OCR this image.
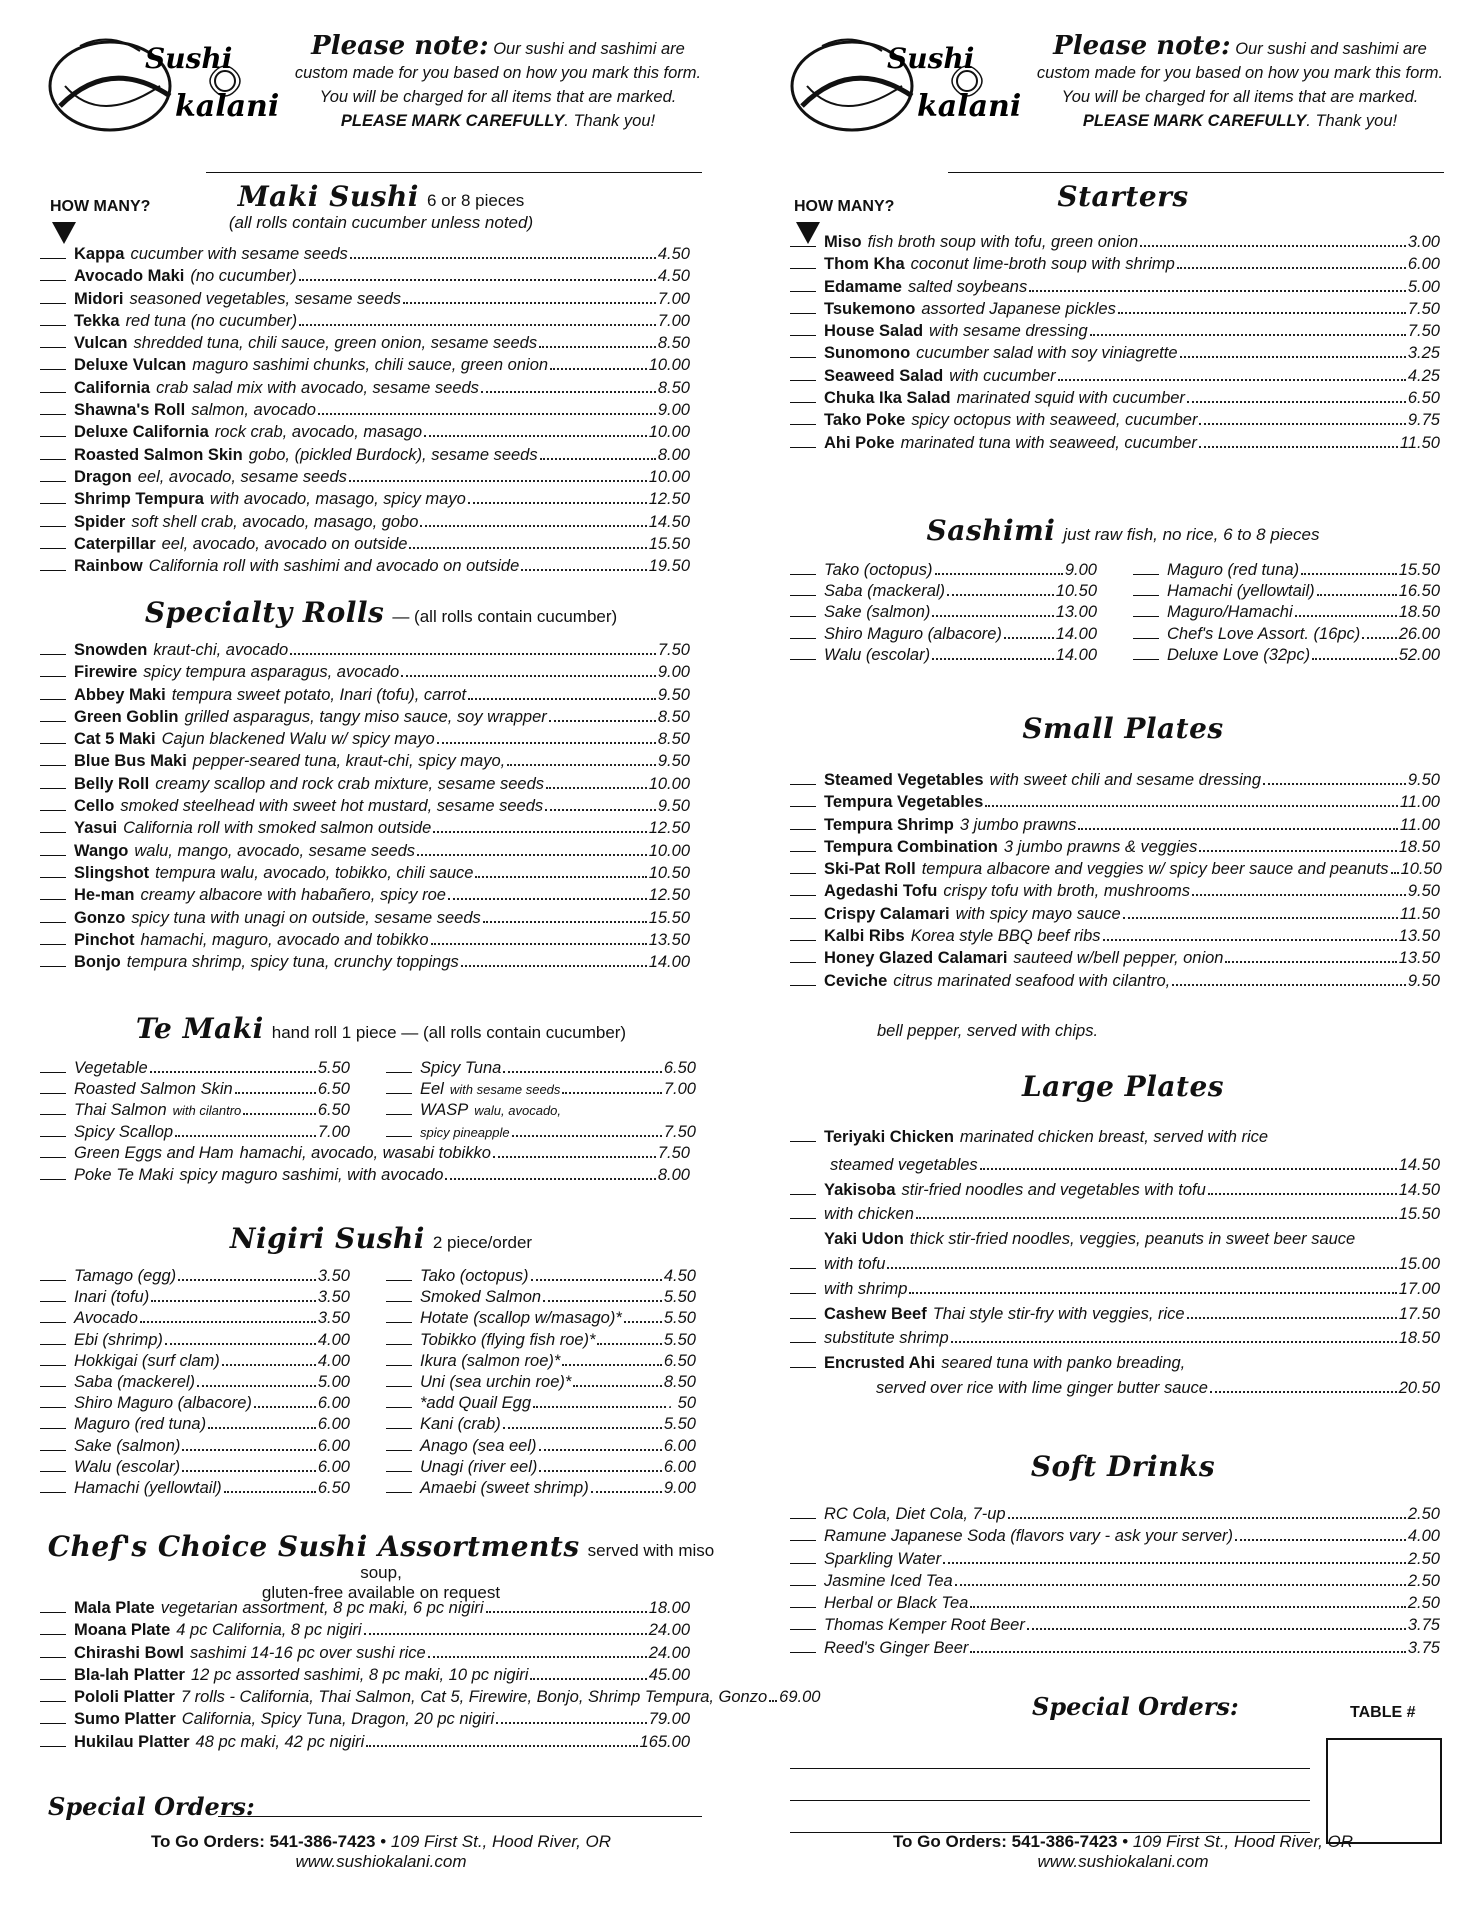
Sushi
kalani
Please note: Our sushi and sashimi are custom made for you based on how you mark this form. You will be charged for all items that are marked.
PLEASE MARK CAREFULLY. Thank you!
HOW MANY?	Maki Sushi 6 or 8 pieces
(all rolls contain cucumber unless noted)
Kappa cucumber with sesame seeds	4.50
Avocado Maki (no cucumber)	4.50
Midori seasoned vegetables, sesame seeds	7.00
Tekka red tuna (no cucumber)	7.00
Vulcan shredded tuna, chili sauce, green onion, sesame seeds	8.50
Deluxe Vulcan maguro sashimi chunks, chili sauce, green onion	10.00
California crab salad mix with avocado, sesame seeds	8.50
Shawna's Roll salmon, avocado	9.00
Deluxe California rock crab, avocado, masago	10.00
Roasted Salmon Skin gobo, (pickled Burdock), sesame seeds	8.00
Dragon eel, avocado, sesame seeds	10.00
Shrimp Tempura with avocado, masago, spicy mayo	12.50
Spider soft shell crab, avocado, masago, gobo	14.50
Caterpillar eel, avocado, avocado on outside	15.50
Rainbow California roll with sashimi and avocado on outside	19.50
Specialty Rolls — (all rolls contain cucumber)
Snowden kraut-chi, avocado	7.50
Firewire spicy tempura asparagus, avocado	9.00
Abbey Maki tempura sweet potato, Inari (tofu), carrot	9.50
Green Goblin grilled asparagus, tangy miso sauce, soy wrapper	8.50
Cat 5 Maki Cajun blackened Walu w/ spicy mayo	8.50
Blue Bus Maki pepper-seared tuna, kraut-chi, spicy mayo,	9.50
Belly Roll creamy scallop and rock crab mixture, sesame seeds	10.00
Cello smoked steelhead with sweet hot mustard, sesame seeds	9.50
Yasui California roll with smoked salmon outside	12.50
Wango walu, mango, avocado, sesame seeds	10.00
Slingshot tempura walu, avocado, tobikko, chili sauce	10.50
He-man creamy albacore with habañero, spicy roe	12.50
Gonzo spicy tuna with unagi on outside, sesame seeds	15.50
Pinchot hamachi, maguro, avocado and tobikko	13.50
Bonjo tempura shrimp, spicy tuna, crunchy toppings	14.00
Te Maki hand roll 1 piece — (all rolls contain cucumber)
Vegetable	5.50
Roasted Salmon Skin	6.50
Thai Salmon with cilantro	6.50
Spicy Scallop	7.00
Spicy Tuna	6.50
Eel with sesame seeds	7.00
WASP walu, avocado,
spicy pineapple	7.50
Green Eggs and Ham hamachi, avocado, wasabi tobikko	7.50
Poke Te Maki spicy maguro sashimi, with avocado	8.00
Nigiri Sushi 2 piece/order
Tamago (egg)	3.50
Inari (tofu)	3.50
Avocado	3.50
Ebi (shrimp)	4.00
Hokkigai (surf clam)	4.00
Saba (mackerel)	5.00
Shiro Maguro (albacore)	6.00
Maguro (red tuna)	6.00
Sake (salmon)	6.00
Walu (escolar)	6.00
Hamachi (yellowtail)	6.50
Tako (octopus)	4.50
Smoked Salmon	5.50
Hotate (scallop w/masago)*	5.50
Tobikko (flying fish roe)*	5.50
Ikura (salmon roe)*	6.50
Uni (sea urchin roe)*	8.50
*add Quail Egg	. 50
Kani (crab)	5.50
Anago (sea eel)	6.00
Unagi (river eel)	6.00
Amaebi (sweet shrimp)	9.00
Chef's Choice Sushi Assortments served with miso soup,
gluten-free available on request
Mala Plate vegetarian assortment, 8 pc maki, 6 pc nigiri	18.00
Moana Plate 4 pc California, 8 pc nigiri	24.00
Chirashi Bowl sashimi 14-16 pc over sushi rice	24.00
Bla-lah Platter 12 pc assorted sashimi, 8 pc maki, 10 pc nigiri	45.00
Pololi Platter 7 rolls - California, Thai Salmon, Cat 5, Firewire, Bonjo, Shrimp Tempura, Gonzo 69.00
Sumo Platter California, Spicy Tuna, Dragon, 20 pc nigiri	79.00
Hukilau Platter 48 pc maki, 42 pc nigiri	165.00
Special Orders:
To Go Orders: 541-386-7423 • 109 First St., Hood River, OR
www.sushiokalani.com
Sushi
kalani
Please note: Our sushi and sashimi are custom made for you based on how you mark this form. You will be charged for all items that are marked.
PLEASE MARK CAREFULLY. Thank you!
HOW MANY?	Starters
Miso fish broth soup with tofu, green onion	3.00
Thom Kha coconut lime-broth soup with shrimp	6.00
Edamame salted soybeans	5.00
Tsukemono assorted Japanese pickles	7.50
House Salad with sesame dressing	7.50
Sunomono cucumber salad with soy viniagrette	3.25
Seaweed Salad with cucumber	4.25
Chuka Ika Salad marinated squid with cucumber	6.50
Tako Poke spicy octopus with seaweed, cucumber	9.75
Ahi Poke marinated tuna with seaweed, cucumber	11.50
Sashimi just raw fish, no rice, 6 to 8 pieces
Tako (octopus)	9.00
Saba (mackeral)	10.50
Sake (salmon)	13.00
Shiro Maguro (albacore)	14.00
Walu (escolar)	14.00
Maguro (red tuna)	15.50
Hamachi (yellowtail)	16.50
Maguro/Hamachi	18.50
Chef's Love Assort. (16pc) 26.00
Deluxe Love (32pc)	52.00
Small Plates
Steamed Vegetables with sweet chili and sesame dressing	9.50
Tempura Vegetables	11.00
Tempura Shrimp 3 jumbo prawns	11.00
Tempura Combination 3 jumbo prawns & veggies	18.50
Ski-Pat Roll tempura albacore and veggies w/ spicy beer sauce and peanuts 10.50
Agedashi Tofu crispy tofu with broth, mushrooms	9.50
Crispy Calamari with spicy mayo sauce	11.50
Kalbi Ribs Korea style BBQ beef ribs	13.50
Honey Glazed Calamari sauteed w/bell pepper, onion	13.50
Ceviche citrus marinated seafood with cilantro,	9.50
bell pepper, served with chips.
Large Plates
Teriyaki Chicken marinated chicken breast, served with rice
steamed vegetables	14.50
Yakisoba stir-fried noodles and vegetables with tofu	14.50
with chicken	15.50
Yaki Udon thick stir-fried noodles, veggies, peanuts in sweet beer sauce
with tofu	15.00
with shrimp	17.00
Cashew Beef Thai style stir-fry with veggies, rice	17.50
substitute shrimp	18.50
Encrusted Ahi seared tuna with panko breading,
served over rice with lime ginger butter sauce	20.50
Soft Drinks
RC Cola, Diet Cola, 7-up	2.50
Ramune Japanese Soda (flavors vary - ask your server)	4.00
Sparkling Water	2.50
Jasmine Iced Tea	2.50
Herbal or Black Tea	2.50
Thomas Kemper Root Beer	3.75
Reed's Ginger Beer	3.75
Special Orders:	TABLE #
To Go Orders: 541-386-7423 • 109 First St., Hood River, OR
www.sushiokalani.com
